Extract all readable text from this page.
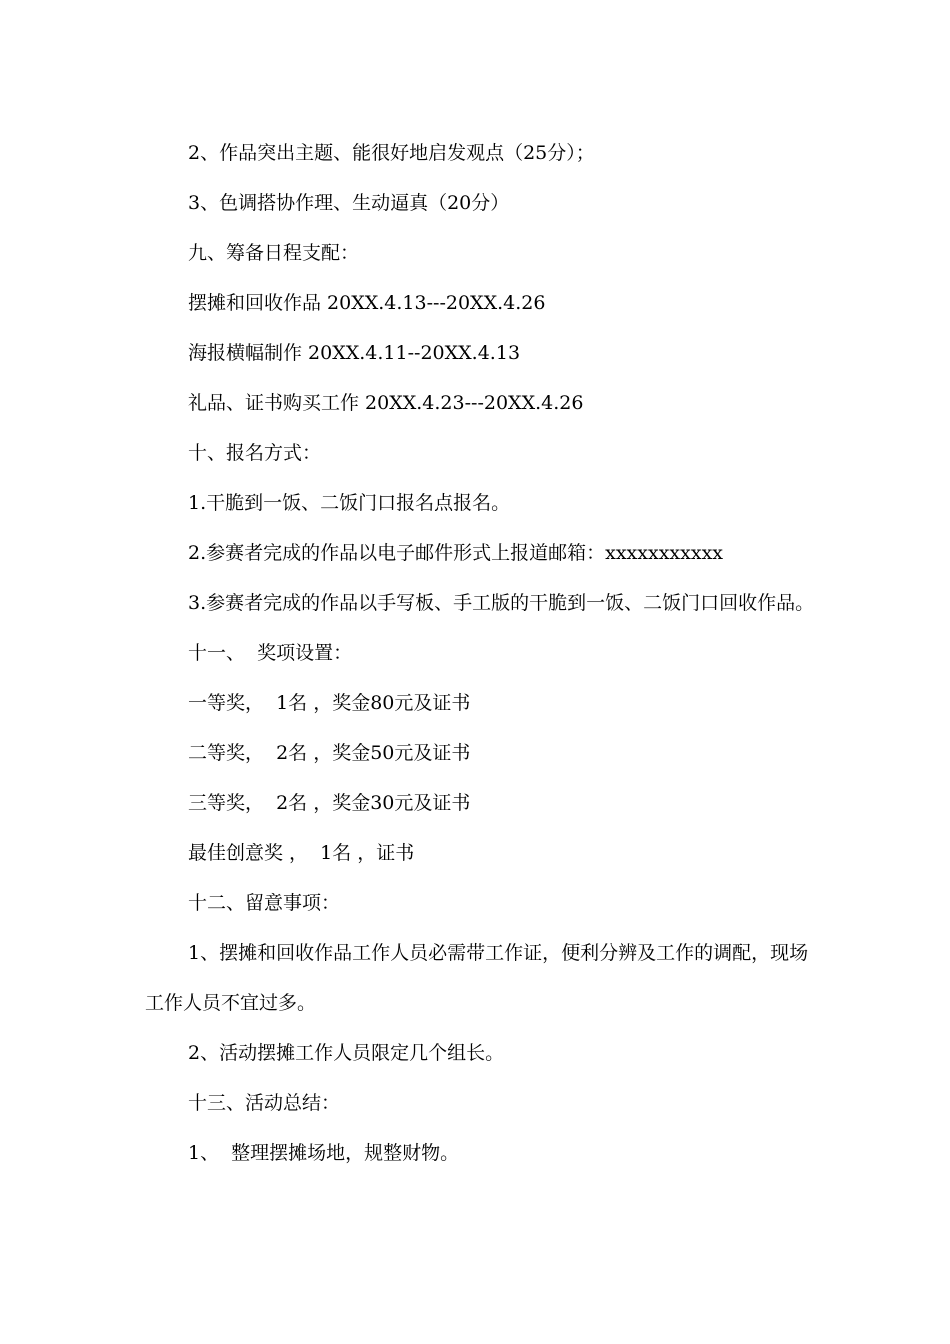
2、作品突出主题、能很好地启发观点（25分）；

3、色调搭协作理、生动逼真（20分）

九、筹备日程支配：

摆摊和回收作品 20XX.4.13---20XX.4.26

海报横幅制作 20XX.4.11--20XX.4.13

礼品、证书购买工作 20XX.4.23---20XX.4.26

十、报名方式：

1.干脆到一饭、二饭门口报名点报名。

2.参赛者完成的作品以电子邮件形式上报道邮箱：xxxxxxxxxxx

3.参赛者完成的作品以手写板、手工版的干脆到一饭、二饭门口回收作品。

十一、  奖项设置：

一等奖，  1名 ，奖金80元及证书

二等奖，  2名 ，奖金50元及证书

三等奖，  2名 ，奖金30元及证书

最佳创意奖 ，  1名 ，证书

十二、留意事项：

1、摆摊和回收作品工作人员必需带工作证，便利分辨及工作的调配，现场工作人员不宜过多。

2、活动摆摊工作人员限定几个组长。

十三、活动总结：

1、  整理摆摊场地，规整财物。
